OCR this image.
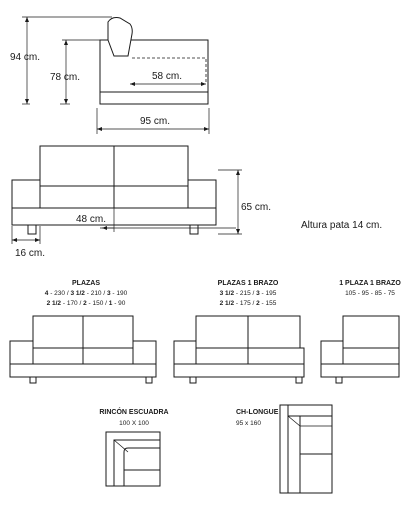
94 cm.
78 cm.	58 cm.
95 cm.
65 cm.
48 cm.
16 cm.
Altura pata 14 cm.
PLAZAS
4 - 230 / 3 1/2 - 210 / 3 - 190
2 1/2 - 170 / 2 - 150 / 1 - 90
PLAZAS 1 BRAZO
3 1/2 - 215 / 3 - 195
2 1/2 - 175 / 2 - 155
1 PLAZA 1 BRAZO
105 - 95 - 85 - 75
RINCÓN ESCUADRA
100 X 100
CH-LONGUE
95 x 160
